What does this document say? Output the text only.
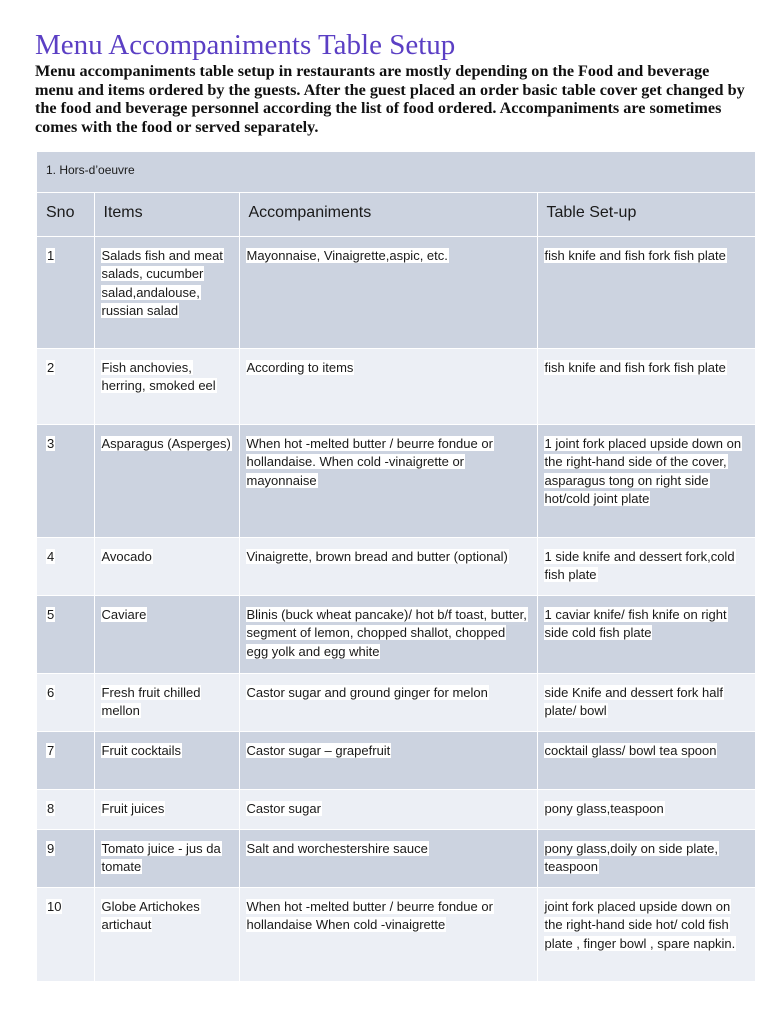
Menu Accompaniments Table Setup

Menu accompaniments table setup in restaurants are mostly depending on the Food and beverage menu and items ordered by the guests. After the guest placed an order basic table cover get changed by the food and beverage personnel according the list of food ordered. Accompaniments are sometimes comes with the food or served separately.

1. Hors-d’oeuvre			
Sno	Items	Accompaniments	Table Set-up
1	Salads fish and meat salads, cucumber salad,andalouse, russian salad	Mayonnaise, Vinaigrette,aspic, etc.	fish knife and fish fork fish plate
2	Fish anchovies, herring, smoked eel	According to items	fish knife and fish fork fish plate
3	Asparagus (Asperges)	When hot -melted butter / beurre fondue or hollandaise. When cold -vinaigrette or mayonnaise	1 joint fork placed upside down on the right-hand side of the cover, asparagus tong on right side hot/cold joint plate
4	Avocado	Vinaigrette, brown bread and butter (optional)	1 side knife and dessert fork,cold fish plate
5	Caviare	Blinis (buck wheat pancake)/ hot b/f toast, butter, segment of lemon, chopped shallot, chopped egg yolk and egg white	1 caviar knife/ fish knife on right side cold fish plate
6	Fresh fruit chilled mellon	Castor sugar and ground ginger for melon	side Knife and dessert fork half plate/ bowl
7	Fruit cocktails	Castor sugar – grapefruit	cocktail glass/ bowl tea spoon
8	Fruit juices	Castor sugar	pony glass,teaspoon
9	Tomato juice - jus da tomate	Salt and worchestershire sauce	pony glass,doily on side plate, teaspoon
10	Globe Artichokes artichaut	When hot -melted butter / beurre fondue or hollandaise When cold -vinaigrette	joint fork placed upside down on the right-hand side hot/ cold fish plate , finger bowl , spare napkin.
